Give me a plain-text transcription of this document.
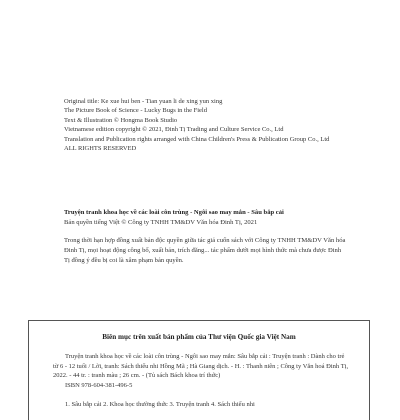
Original title: Ke xue hui ben - Tian yuan li de xing yun xing
The Picture Book of Science - Lucky Bugs in the Field
Text & Illustration © Hongma Book Studio
Vietnamese edition copyright © 2021, Đinh Tị Trading and Culture Service Co., Ltd
Translation and Publication rights arranged with China Children's Press & Publication Group Co., Ltd
ALL RIGHTS RESERVED
Truyện tranh khoa học về các loài côn trùng - Ngôi sao may mắn - Sâu bắp cải
Bản quyền tiếng Việt © Công ty TNHH TM&DV Văn hóa Đinh Tị, 2021
Trong thời hạn hợp đồng xuất bản độc quyền giữa tác giả cuốn sách với Công ty TNHH TM&DV Văn hóa Đinh Tị, mọi hoạt động công bố, xuất bản, trích đăng... tác phẩm dưới mọi hình thức mà chưa được Đinh Tị đồng ý đều bị coi là xâm phạm bản quyền.
Biên mục trên xuất bản phẩm của Thư viện Quốc gia Việt Nam
Truyện tranh khoa học về các loài côn trùng - Ngôi sao may mắn: Sâu bắp cải : Truyện tranh : Dành cho trẻ từ 6 - 12 tuổi / Lời, tranh: Sách thiếu nhi Hồng Mã ; Hà Giang dịch. - H. : Thanh niên ; Công ty Văn hoá Đinh Tị, 2022. - 44 tr. : tranh màu ; 26 cm. - (Tủ sách Bách khoa trí thức)
ISBN 978-604-381-496-5
1. Sâu bắp cải 2. Khoa học thường thức 3. Truyện tranh 4. Sách thiếu nhi
